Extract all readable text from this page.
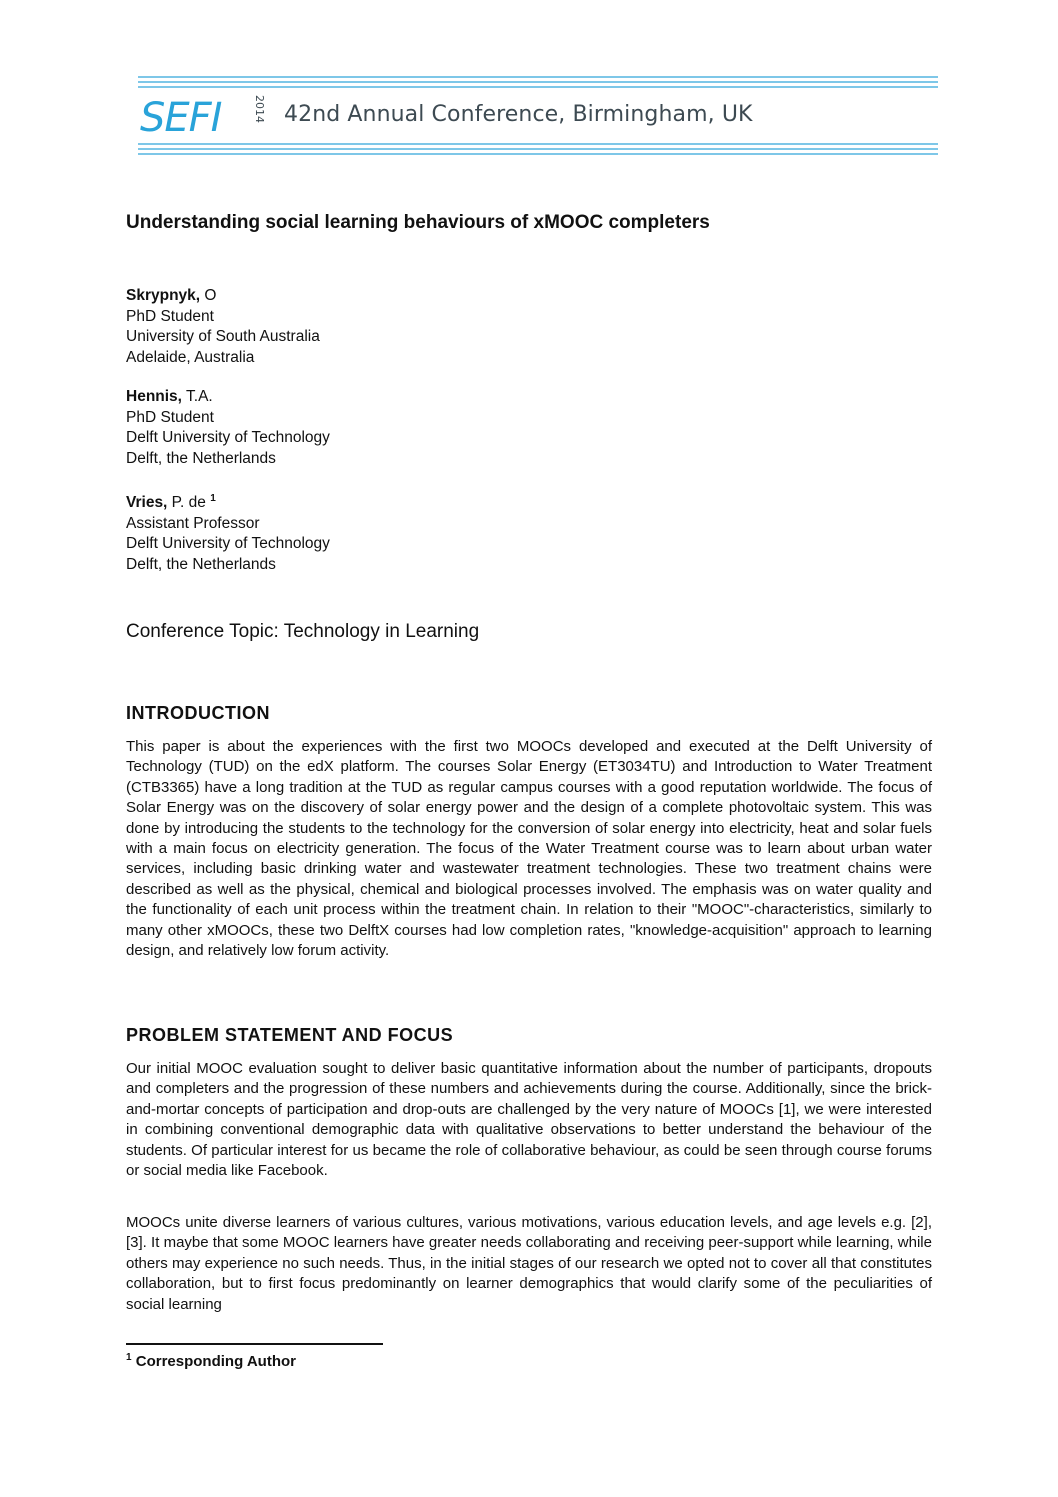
SEFI	2014 42nd Annual Conference, Birmingham, UK
Understanding social learning behaviours of xMOOC completers
Skrypnyk, O
PhD Student
University of South Australia
Adelaide, Australia
Hennis, T.A.
PhD Student
Delft University of Technology
Delft, the Netherlands
Vries, P. de $^1$
Assistant Professor
Delft University of Technology
Delft, the Netherlands
Conference Topic: Technology in Learning
INTRODUCTION

This paper is about the experiences with the first two MOOCs developed and executed at the Delft University of Technology (TUD) on the edX platform. The courses Solar Energy (ET3034TU) and Introduction to Water Treatment (CTB3365) have a long tradition at the TUD as regular campus courses with a good reputation worldwide. The focus of Solar Energy was on the discovery of solar energy power and the design of a complete photovoltaic system. This was done by introducing the students to the technology for the conversion of solar energy into electricity, heat and solar fuels with a main focus on electricity generation. The focus of the Water Treatment course was to learn about urban water services, including basic drinking water and wastewater treatment technologies. These two treatment chains were described as well as the physical, chemical and biological processes involved. The emphasis was on water quality and the functionality of each unit process within the treatment chain. In relation to their "MOOC"-characteristics, similarly to many other xMOOCs, these two DelftX courses had low completion rates, "knowledge-acquisition" approach to learning design, and relatively low forum activity.

PROBLEM STATEMENT AND FOCUS

Our initial MOOC evaluation sought to deliver basic quantitative information about the number of participants, dropouts and completers and the progression of these numbers and achievements during the course. Additionally, since the brick-and-mortar concepts of participation and drop-outs are challenged by the very nature of MOOCs [1], we were interested in combining conventional demographic data with qualitative observations to better understand the behaviour of the students. Of particular interest for us became the role of collaborative behaviour, as could be seen through course forums or social media like Facebook.

MOOCs unite diverse learners of various cultures, various motivations, various education levels, and age levels e.g. [2], [3]. It maybe that some MOOC learners have greater needs collaborating and receiving peer-support while learning, while others may experience no such needs. Thus, in the initial stages of our research we opted not to cover all that constitutes collaboration, but to first focus predominantly on learner demographics that would clarify some of the peculiarities of social learning

$^1$ Corresponding Author
